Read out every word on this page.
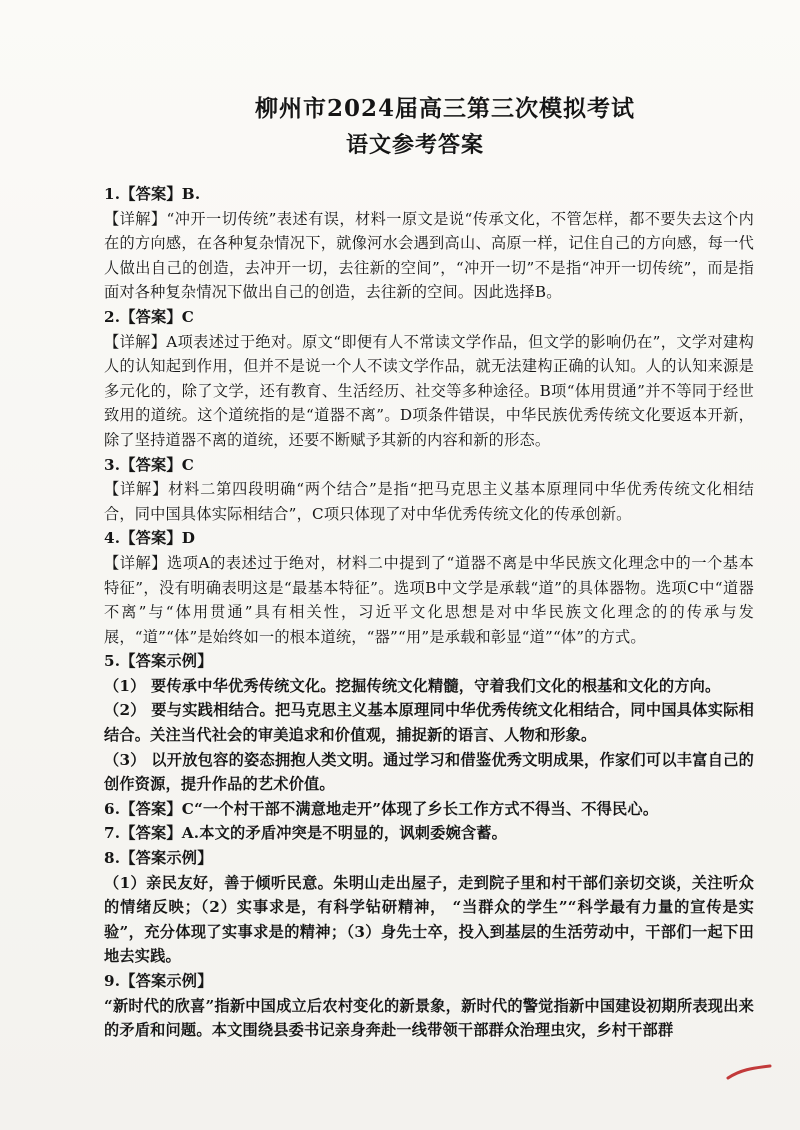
柳州市2024届高三第三次模拟考试
语文参考答案

1.【答案】B.

【详解】“冲开一切传统”表述有误，材料一原文是说“传承文化，不管怎样，都不要失去这个内在的方向感，在各种复杂情况下，就像河水会遇到高山、高原一样，记住自己的方向感，每一代人做出自己的创造，去冲开一切，去往新的空间”，“冲开一切”不是指“冲开一切传统”，而是指面对各种复杂情况下做出自己的创造，去往新的空间。因此选择B。

2.【答案】C

【详解】A项表述过于绝对。原文“即便有人不常读文学作品，但文学的影响仍在”，文学对建构人的认知起到作用，但并不是说一个人不读文学作品，就无法建构正确的认知。人的认知来源是多元化的，除了文学，还有教育、生活经历、社交等多种途径。B项“体用贯通”并不等同于经世致用的道统。这个道统指的是“道器不离”。D项条件错误，中华民族优秀传统文化要返本开新，除了坚持道器不离的道统，还要不断赋予其新的内容和新的形态。

3.【答案】C

【详解】材料二第四段明确“两个结合”是指“把马克思主义基本原理同中华优秀传统文化相结合，同中国具体实际相结合”，C项只体现了对中华优秀传统文化的传承创新。

4.【答案】D

【详解】选项A的表述过于绝对，材料二中提到了“道器不离是中华民族文化理念中的一个基本特征”，没有明确表明这是“最基本特征”。选项B中文学是承载“道”的具体器物。选项C中“道器不离”与“体用贯通”具有相关性，习近平文化思想是对中华民族文化理念的的传承与发展，“道”“体”是始终如一的根本道统，“器”“用”是承载和彰显“道”“体”的方式。

5.【答案示例】

（1） 要传承中华优秀传统文化。挖掘传统文化精髓，守着我们文化的根基和文化的方向。

（2） 要与实践相结合。把马克思主义基本原理同中华优秀传统文化相结合，同中国具体实际相结合。关注当代社会的审美追求和价值观，捕捉新的语言、人物和形象。

（3） 以开放包容的姿态拥抱人类文明。通过学习和借鉴优秀文明成果，作家们可以丰富自己的创作资源，提升作品的艺术价值。

6.【答案】C“一个村干部不满意地走开”体现了乡长工作方式不得当、不得民心。

7.【答案】A.本文的矛盾冲突是不明显的，讽刺委婉含蓄。

8.【答案示例】

（1）亲民友好，善于倾听民意。朱明山走出屋子，走到院子里和村干部们亲切交谈，关注听众的情绪反映；（2）实事求是，有科学钻研精神， “当群众的学生”“科学最有力量的宣传是实验”，充分体现了实事求是的精神；（3）身先士卒，投入到基层的生活劳动中，干部们一起下田地去实践。

9.【答案示例】

“新时代的欣喜”指新中国成立后农村变化的新景象，新时代的警觉指新中国建设初期所表现出来的矛盾和问题。本文围绕县委书记亲身奔赴一线带领干部群众治理虫灾，乡村干部群
